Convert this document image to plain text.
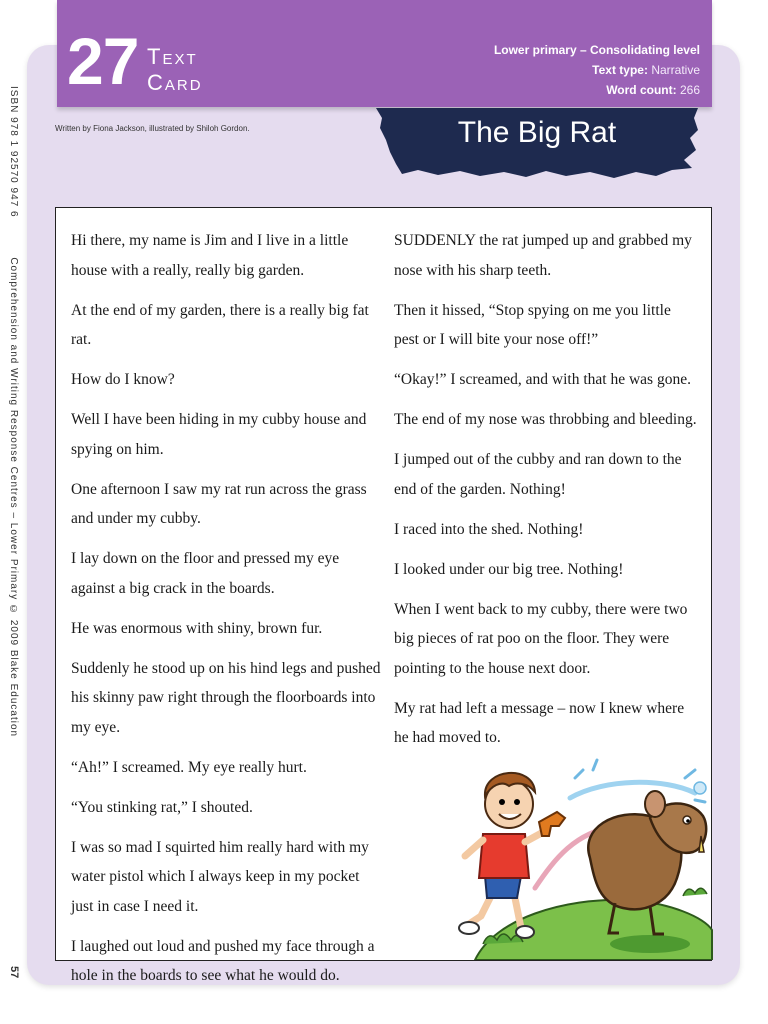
27 Text
Card
Lower primary – Consolidating level
Text type: Narrative
Word count: 266
Written by Fiona Jackson, illustrated by Shiloh Gordon.	The Big Rat
ISBN 978 1 92570 947 6 Comprehension and Writing Response Centres – Lower Primary © 2009 Blake Education
57

Hi there, my name is Jim and I live in a little house with a really, really big garden.

At the end of my garden, there is a really big fat rat.

How do I know?

Well I have been hiding in my cubby house and spying on him.

One afternoon I saw my rat run across the grass and under my cubby.

I lay down on the floor and pressed my eye against a big crack in the boards.

He was enormous with shiny, brown fur.

Suddenly he stood up on his hind legs and pushed his skinny paw right through the floorboards into my eye.

“Ah!” I screamed. My eye really hurt.

“You stinking rat,” I shouted.

I was so mad I squirted him really hard with my water pistol which I always keep in my pocket just in case I need it.

I laughed out loud and pushed my face through a hole in the boards to see what he would do.

SUDDENLY the rat jumped up and grabbed my nose with his sharp teeth.

Then it hissed, “Stop spying on me you little pest or I will bite your nose off!”

“Okay!” I screamed, and with that he was gone.

The end of my nose was throbbing and bleeding.

I jumped out of the cubby and ran down to the end of the garden. Nothing!

I raced into the shed. Nothing!

I looked under our big tree. Nothing!

When I went back to my cubby, there were two big pieces of rat poo on the floor. They were pointing to the house next door.

My rat had left a message – now I knew where he had moved to.
